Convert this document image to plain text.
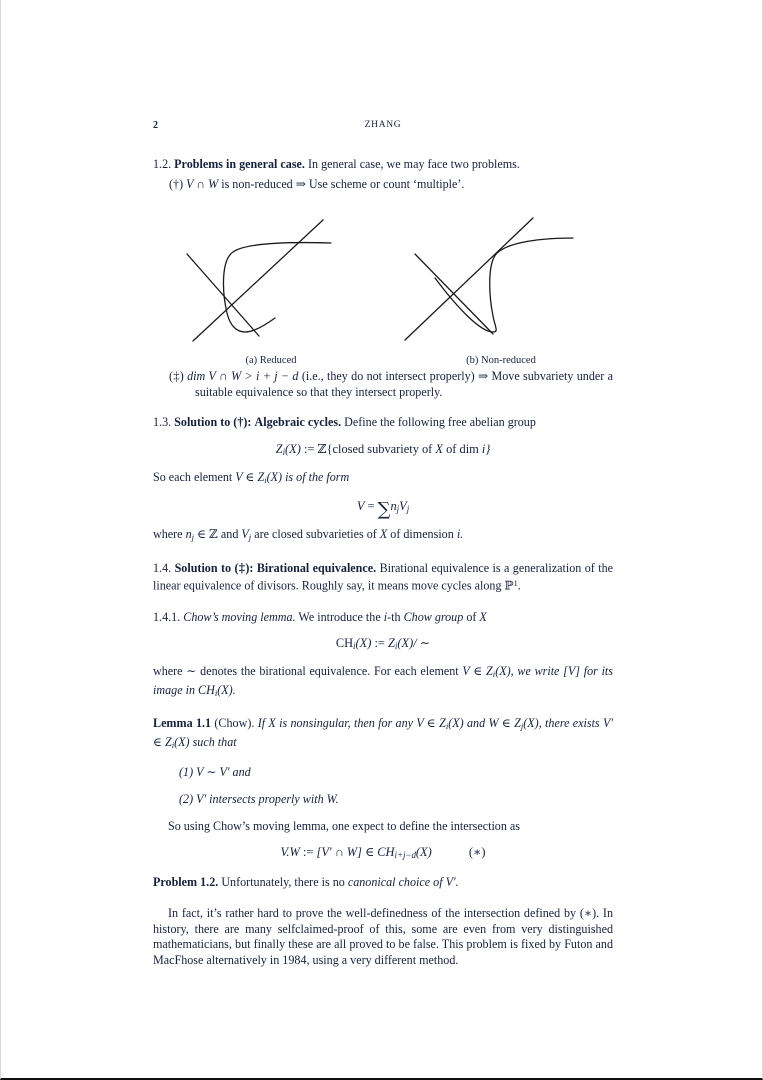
2	ZHANG

1.2. Problems in general case. In general case, we may face two problems.

(†) V ∩ W is non-reduced ⇒ Use scheme or count ‘multiple’.

(a) Reduced	(b) Non-reduced

(‡) dim V ∩ W > i + j − d (i.e., they do not intersect properly) ⇒ Move subvariety under a suitable equivalence so that they intersect properly.

1.3. Solution to (†): Algebraic cycles. Define the following free abelian group

$Z_i(X)$ := ℤ{closed subvariety of X of dim i}

So each element V ∈ $Z_i(X)$ is of the form

$V = \sum n_jV_j$

where $n_j$ ∈ ℤ and $V_j$ are closed subvarieties of X of dimension i.

1.4. Solution to (‡): Birational equivalence. Birational equivalence is a generalization of the linear equivalence of divisors. Roughly say, it means move cycles along ℙ$^1$.

1.4.1. Chow’s moving lemma. We introduce the i-th Chow group of X

$CH_i(X)$ := $Z_i(X)/$ ∼

where ∼ denotes the birational equivalence. For each element V ∈ $Z_i(X)$, we write [V] for its image in $CH_i(X)$.

Lemma 1.1 (Chow). If X is nonsingular, then for any V ∈ $Z_i(X)$ and W ∈ $Z_j(X)$, there exists V′ ∈ $Z_i(X)$ such that

(1) V ∼ V′ and

(2) V′ intersects properly with W.

So using Chow’s moving lemma, one expect to define the intersection as

V.W := [V′ ∩ W] ∈ $CH_{i+j-d}(X)$	(∗)

Problem 1.2. Unfortunately, there is no canonical choice of V′.

In fact, it’s rather hard to prove the well-definedness of the intersection defined by (∗). In history, there are many selfclaimed-proof of this, some are even from very distinguished mathematicians, but finally these are all proved to be false. This problem is fixed by Futon and MacFhose alternatively in 1984, using a very different method.
